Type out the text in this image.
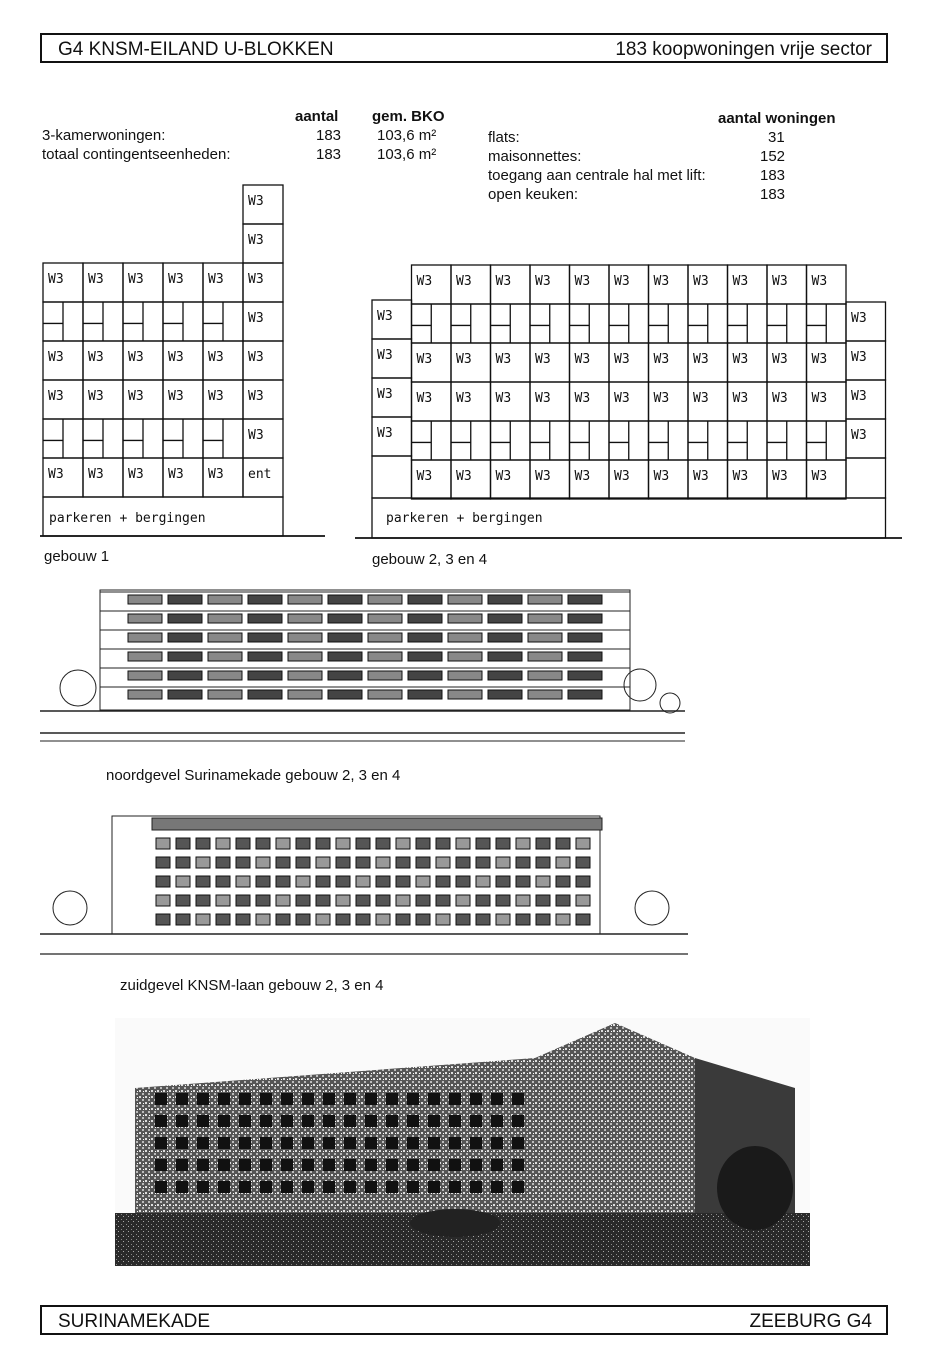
G4 KNSM-EILAND U-BLOKKEN	183 koopwoningen vrije sector
aantal gem. BKO
3-kamerwoningen:	183 103,6 m²
totaal contingentseenheden:	183 103,6 m²
aantal woningen
flats:	31
maisonnettes:	152
toegang aan centrale hal met lift:	183
open keuken:	183
W3
W3
W3
W3
W3
W3
W3
W3
W3
W3
W3
W3
W3
W3
W3
W3
W3
W3
W3
W3
W3
W3
W3
W3
W3
W3
W3
ent
parkeren + bergingen
W3
W3
W3
W3
W3
W3
W3
W3
W3
W3
W3
W3
W3
W3
W3
W3
W3
W3
W3
W3
W3
W3
W3
W3
W3
W3
W3
W3
W3
W3
W3
W3
W3
W3
W3
W3
W3
W3
W3
W3
W3
W3
W3
W3
W3
W3
W3
W3
W3
W3
W3
W3
parkeren + bergingen
gebouw 1	gebouw 2, 3 en 4
noordgevel Surinamekade gebouw 2, 3 en 4
zuidgevel KNSM-laan gebouw 2, 3 en 4
SURINAMEKADE	ZEEBURG G4
